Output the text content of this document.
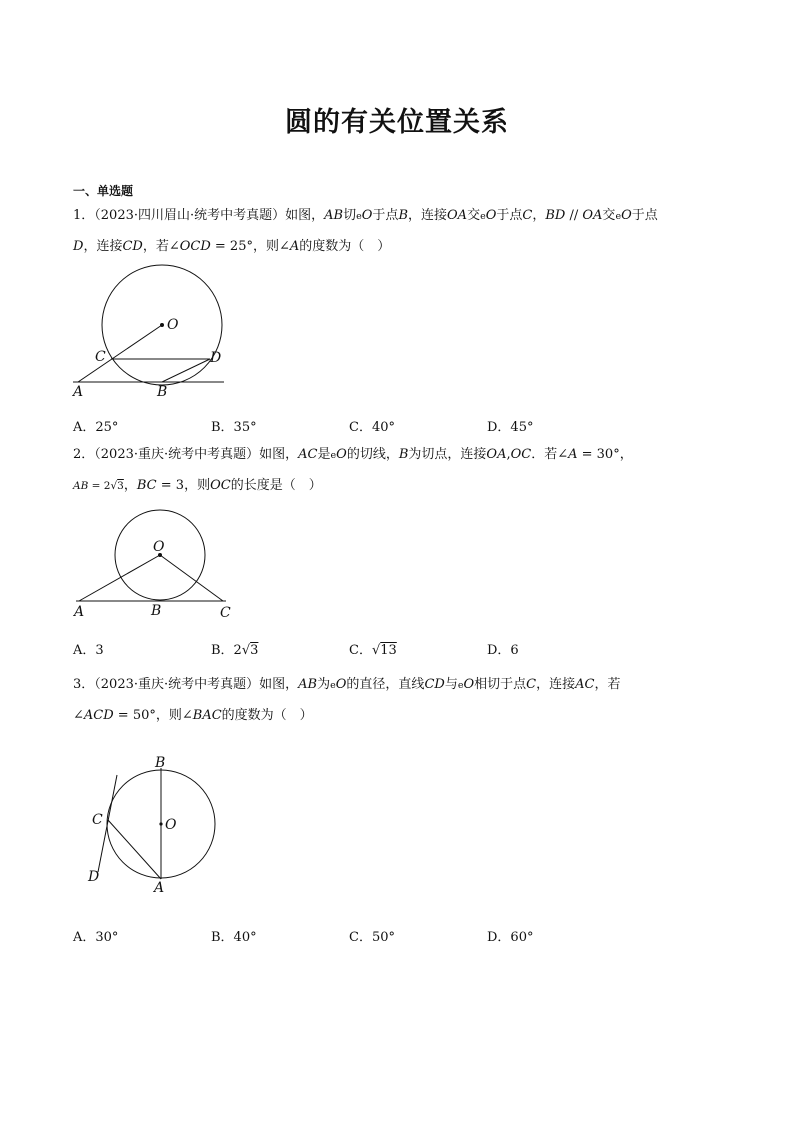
圆的有关位置关系
一、单选题
1．（2023·四川眉山·统考中考真题）如图，AB切eO于点B，连接OA交eO于点C，BD // OA交eO于点
D，连接CD，若∠OCD = 25°，则∠A的度数为（　）
O
C	D
A	B
A．25°	B．35°	C．40°	D．45°
2．（2023·重庆·统考中考真题）如图，AC是eO的切线，B为切点，连接OA,OC．若∠A = 30°，
AB = 2√3，BC = 3，则OC的长度是（　）
O
A	B	C
A．3	B．2√3	C．√13	D．6
3．（2023·重庆·统考中考真题）如图，AB为eO的直径，直线CD与eO相切于点C，连接AC，若
∠ACD = 50°，则∠BAC的度数为（　）
B
C	O
D
A
A．30°	B．40°	C．50°	D．60°
